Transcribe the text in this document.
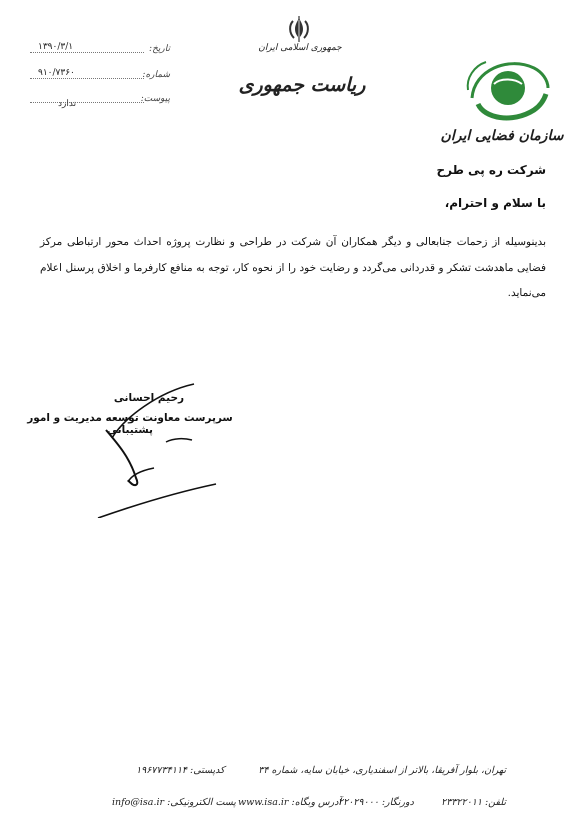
۱۳۹۰/۳/۱	تاریخ:
۹۱۰/۷۳۶۰	شماره:
پیوست:
ندارد
جمهوری اسلامی ایران
ریاست جمهوری
سازمان فضایی ایران
شرکت ره پی طرح
با سلام و احترام،
بدینوسیله از زحمات جنابعالی و دیگر همکاران آن شرکت در طراحی و نظارت پروژه احداث محور ارتباطی مرکز فضایی ماهدشت تشکر و قدردانی می‌گردد و رضایت خود را از نحوه کار، توجه به منافع کارفرما و اخلاق پرسنل اعلام می‌نماید.
رحیم احسانی
سرپرست معاونت توسعه مدیریت و امور پشتیبانی
تهران، بلوار آفریقا، بالاتر از اسفندیاری، خیابان سایه، شماره ۳۴
کدپستی: ۱۹۶۷۷۳۴۱۱۴
تلفن: ۲۳۳۲۲۰۱۱
دورنگار: ۲۲۰۲۹۰۰۰
آدرس وبگاه: www.isa.ir
پست الکترونیکی: info@isa.ir
